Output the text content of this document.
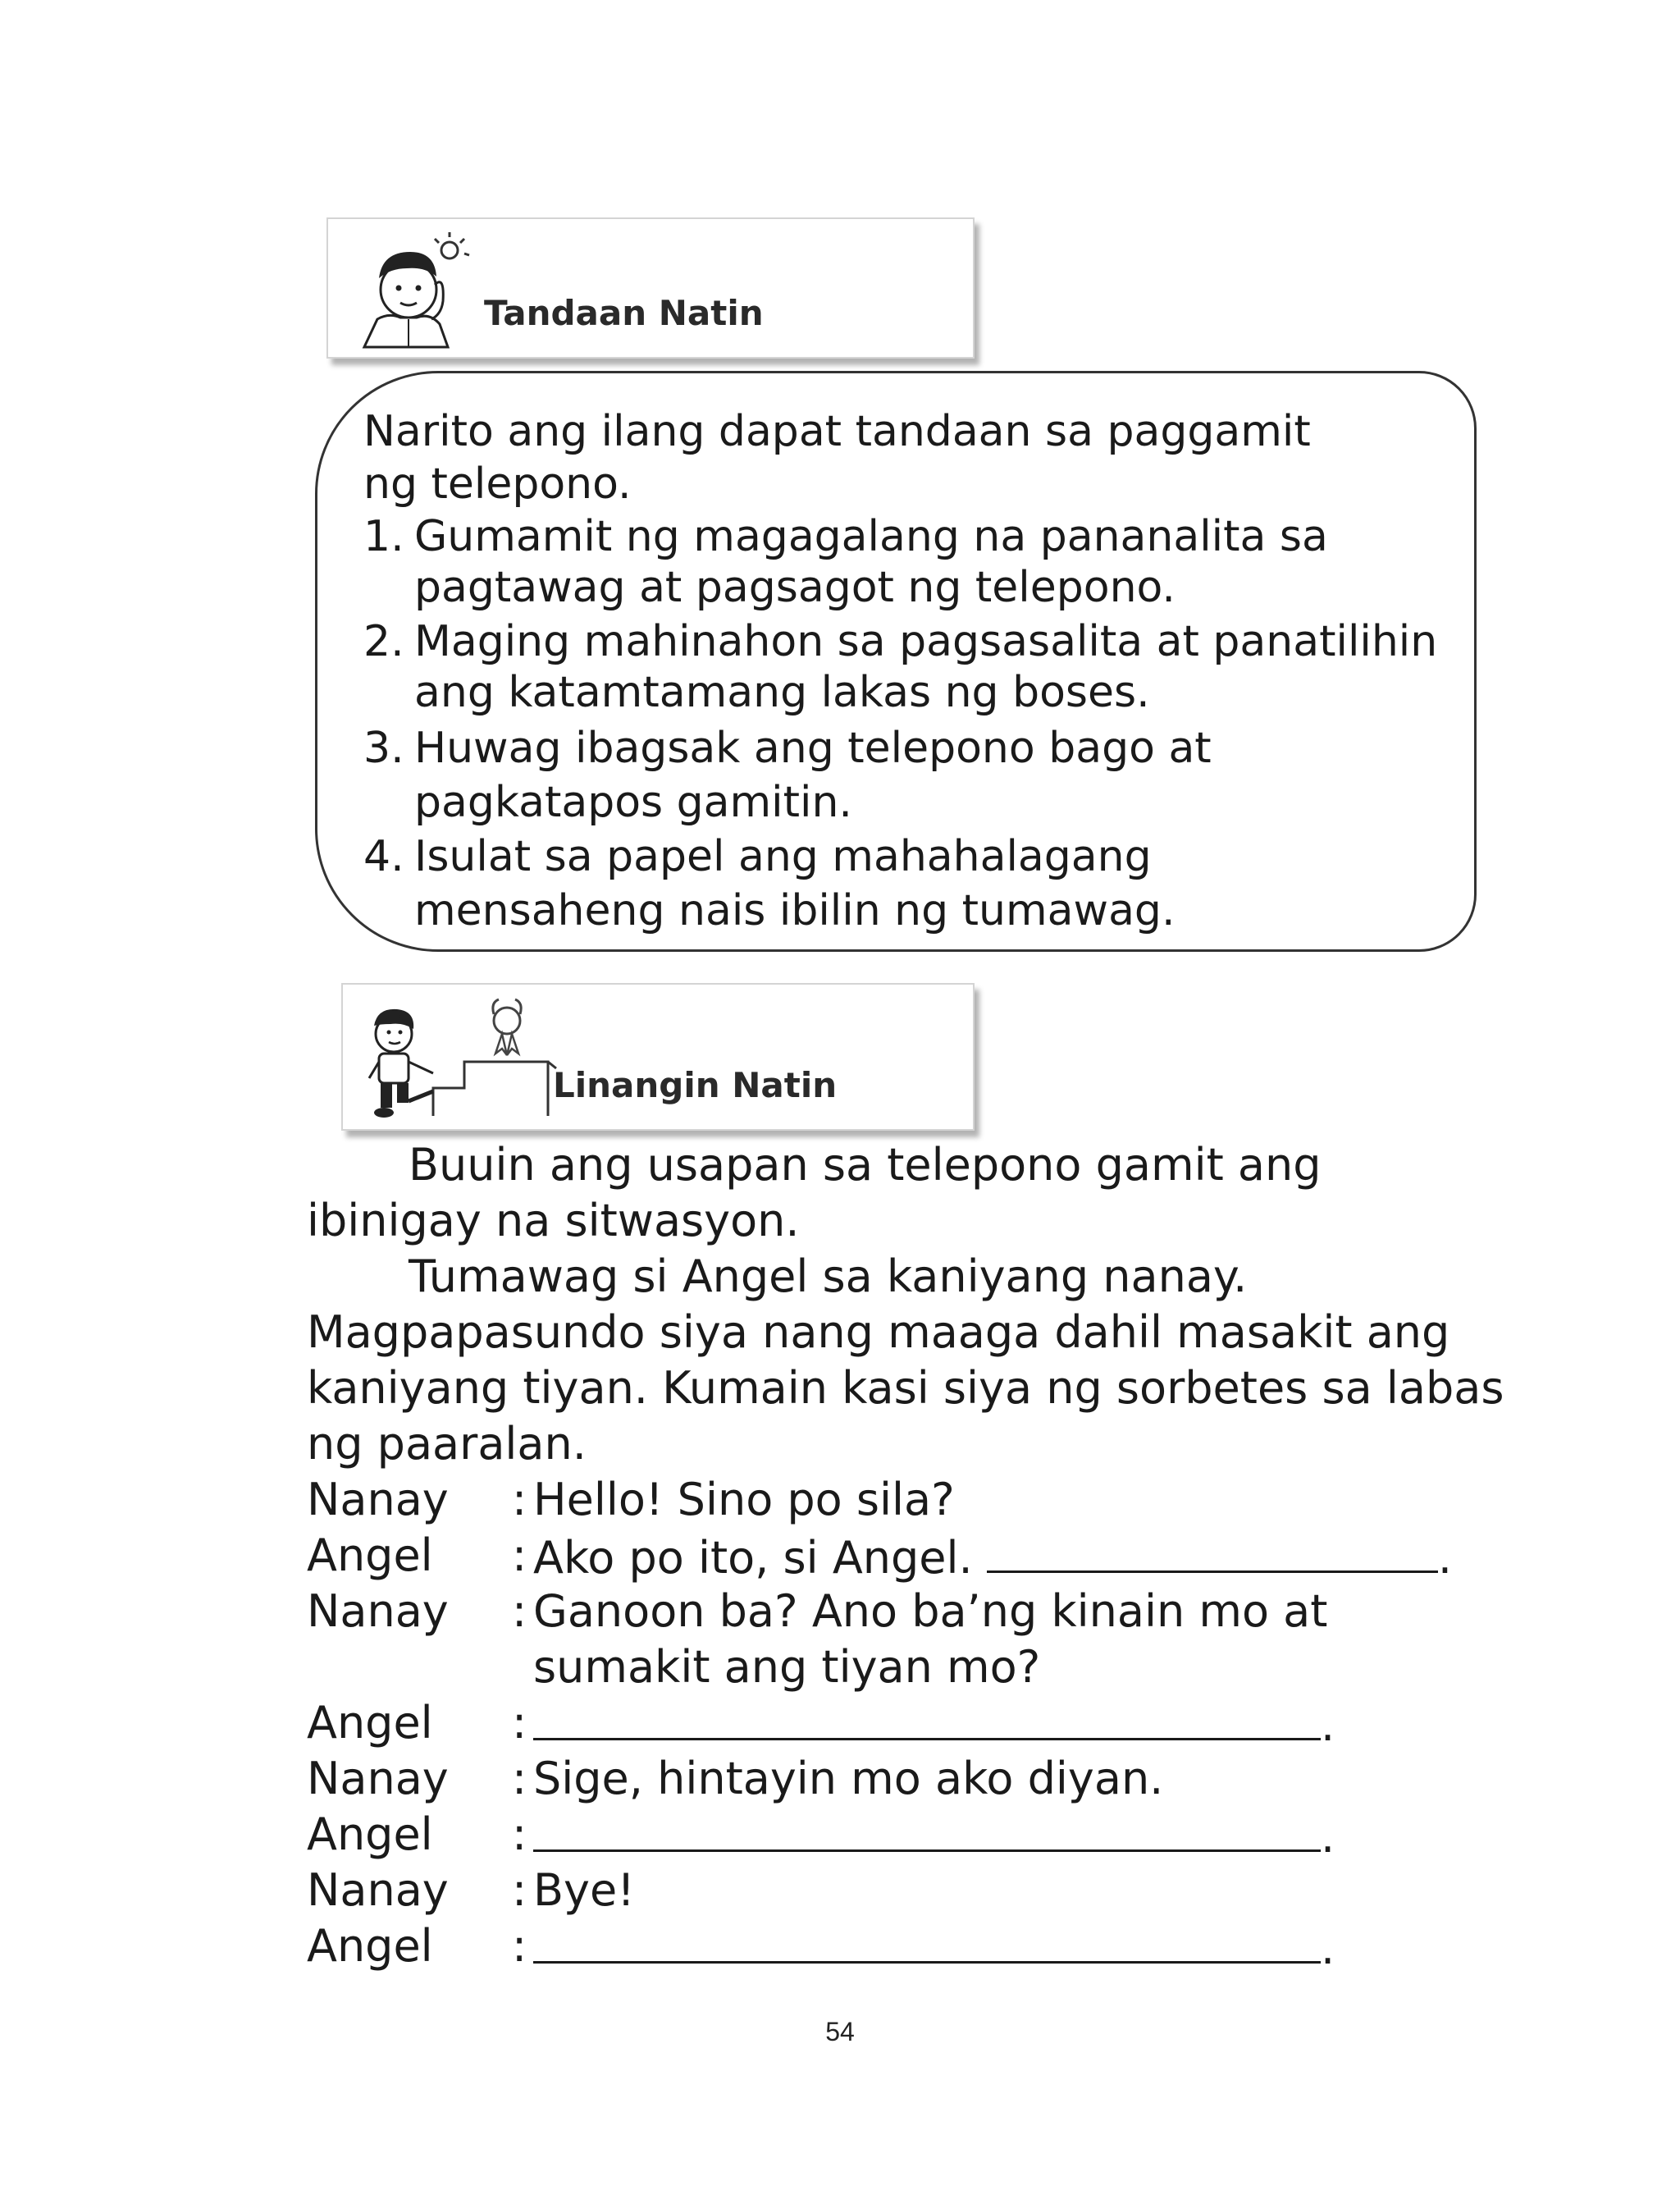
Tandaan Natin
Narito ang ilang dapat tandaan sa paggamit
ng telepono.
1. Gumamit ng magagalang na pananalita sa
pagtawag at pagsagot ng telepono.
2. Maging mahinahon sa pagsasalita at panatilihin
ang katamtamang lakas ng boses.
3. Huwag ibagsak ang telepono bago at
pagkatapos gamitin.
4. Isulat sa papel ang mahahalagang
mensaheng nais ibilin ng tumawag.
Linangin Natin
Buuin ang usapan sa telepono gamit ang
ibinigay na sitwasyon.
Tumawag si Angel sa kaniyang nanay.
Magpapasundo siya nang maaga dahil masakit ang
kaniyang tiyan. Kumain kasi siya ng sorbetes sa labas
ng paaralan.
Nanay : Hello! Sino po sila?
Angel : Ako po ito, si Angel.	.
Nanay : Ganoon ba? Ano ba’ng kinain mo at
sumakit ang tiyan mo?
Angel :	.
Nanay : Sige, hintayin mo ako diyan.
Angel :	.
Nanay : Bye!
Angel :	.
54
